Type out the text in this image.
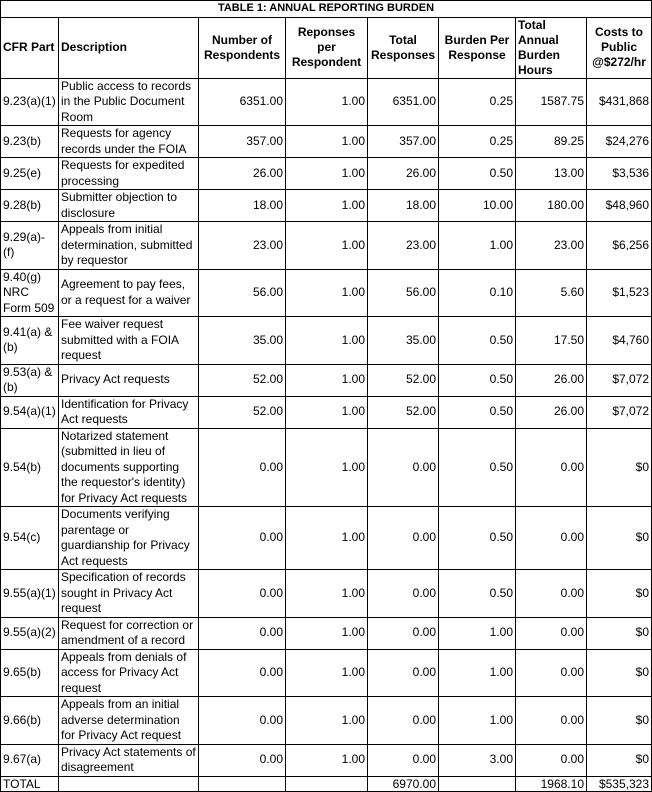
TABLE 1: ANNUAL REPORTING BURDEN							
CFR Part	Description	Number of Respondents	Reponses per Respondent	Total Responses	Burden Per Response	Total Annual Burden Hours	Costs to Public @$272/hr
9.23(a)(1)	Public access to records in the Public Document Room	6351.00	1.00	6351.00	0.25	1587.75	$431,868
9.23(b)	Requests for agency records under the FOIA	357.00	1.00	357.00	0.25	89.25	$24,276
9.25(e)	Requests for expedited processing	26.00	1.00	26.00	0.50	13.00	$3,536
9.28(b)	Submitter objection to disclosure	18.00	1.00	18.00	10.00	180.00	$48,960
9.29(a)-(f)	Appeals from initial determination, submitted by requestor	23.00	1.00	23.00	1.00	23.00	$6,256
9.40(g) NRC Form 509	Agreement to pay fees, or a request for a waiver	56.00	1.00	56.00	0.10	5.60	$1,523
9.41(a) & (b)	Fee waiver request submitted with a FOIA request	35.00	1.00	35.00	0.50	17.50	$4,760
9.53(a) & (b)	Privacy Act requests	52.00	1.00	52.00	0.50	26.00	$7,072
9.54(a)(1)	Identification for Privacy Act requests	52.00	1.00	52.00	0.50	26.00	$7,072
9.54(b)	Notarized statement (submitted in lieu of documents supporting the requestor's identity) for Privacy Act requests	0.00	1.00	0.00	0.50	0.00	$0
9.54(c)	Documents verifying parentage or guardianship for Privacy Act requests	0.00	1.00	0.00	0.50	0.00	$0
9.55(a)(1)	Specification of records sought in Privacy Act request	0.00	1.00	0.00	0.50	0.00	$0
9.55(a)(2)	Request for correction or amendment of a record	0.00	1.00	0.00	1.00	0.00	$0
9.65(b)	Appeals from denials of access for Privacy Act request	0.00	1.00	0.00	1.00	0.00	$0
9.66(b)	Appeals from an initial adverse determination for Privacy Act request	0.00	1.00	0.00	1.00	0.00	$0
9.67(a)	Privacy Act statements of disagreement	0.00	1.00	0.00	3.00	0.00	$0
TOTAL				6970.00		1968.10	$535,323
